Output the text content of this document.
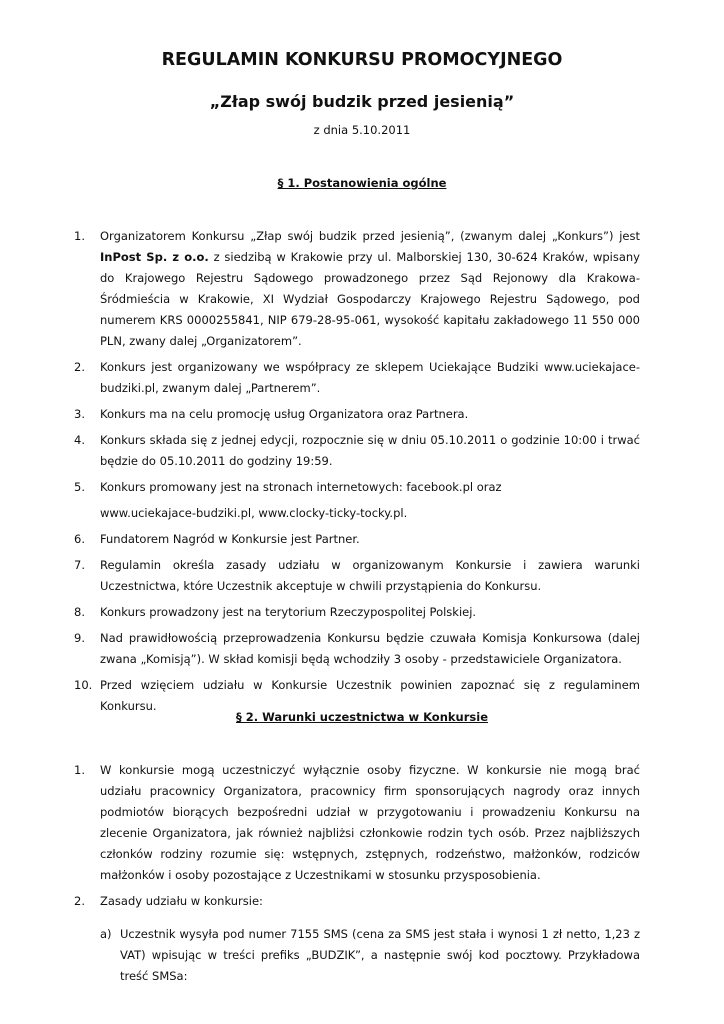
REGULAMIN KONKURSU PROMOCYJNEGO
„Złap swój budzik przed jesienią”
z dnia 5.10.2011
§ 1. Postanowienia ogólne
1. Organizatorem Konkursu „Złap swój budzik przed jesienią”, (zwanym dalej „Konkurs”) jest InPost Sp. z o.o. z siedzibą w Krakowie przy ul. Malborskiej 130, 30-624 Kraków, wpisany do Krajowego Rejestru Sądowego prowadzonego przez Sąd Rejonowy dla Krakowa-Śródmieścia w Krakowie, XI Wydział Gospodarczy Krajowego Rejestru Sądowego, pod numerem KRS 0000255841, NIP 679-28-95-061, wysokość kapitału zakładowego 11 550 000 PLN, zwany dalej „Organizatorem”.

2. Konkurs jest organizowany we współpracy ze sklepem Uciekające Budziki www.uciekajace-budziki.pl, zwanym dalej „Partnerem”.

3. Konkurs ma na celu promocję usług Organizatora oraz Partnera.

4. Konkurs składa się z jednej edycji, rozpocznie się w dniu 05.10.2011 o godzinie 10:00 i trwać będzie do 05.10.2011 do godziny 19:59.

5. Konkurs promowany jest na stronach internetowych: facebook.pl oraz

www.uciekajace-budziki.pl, www.clocky-ticky-tocky.pl.

6. Fundatorem Nagród w Konkursie jest Partner.

7. Regulamin określa zasady udziału w organizowanym Konkursie i zawiera warunki Uczestnictwa, które Uczestnik akceptuje w chwili przystąpienia do Konkursu.

8. Konkurs prowadzony jest na terytorium Rzeczypospolitej Polskiej.

9. Nad prawidłowością przeprowadzenia Konkursu będzie czuwała Komisja Konkursowa (dalej zwana „Komisją”). W skład komisji będą wchodziły 3 osoby - przedstawiciele Organizatora.

10. Przed wzięciem udziału w Konkursie Uczestnik powinien zapoznać się z regulaminem Konkursu.

§ 2. Warunki uczestnictwa w Konkursie
1. W konkursie mogą uczestniczyć wyłącznie osoby fizyczne. W konkursie nie mogą brać udziału pracownicy Organizatora, pracownicy firm sponsorujących nagrody oraz innych podmiotów biorących bezpośredni udział w przygotowaniu i prowadzeniu Konkursu na zlecenie Organizatora, jak również najbliżsi członkowie rodzin tych osób. Przez najbliższych członków rodziny rozumie się: wstępnych, zstępnych, rodzeństwo, małżonków, rodziców małżonków i osoby pozostające z Uczestnikami w stosunku przysposobienia.

2. Zasady udziału w konkursie:

a) Uczestnik wysyła pod numer 7155 SMS (cena za SMS jest stała i wynosi 1 zł netto, 1,23 z VAT) wpisując w treści prefiks „BUDZIK”, a następnie swój kod pocztowy. Przykładowa treść SMSa:
